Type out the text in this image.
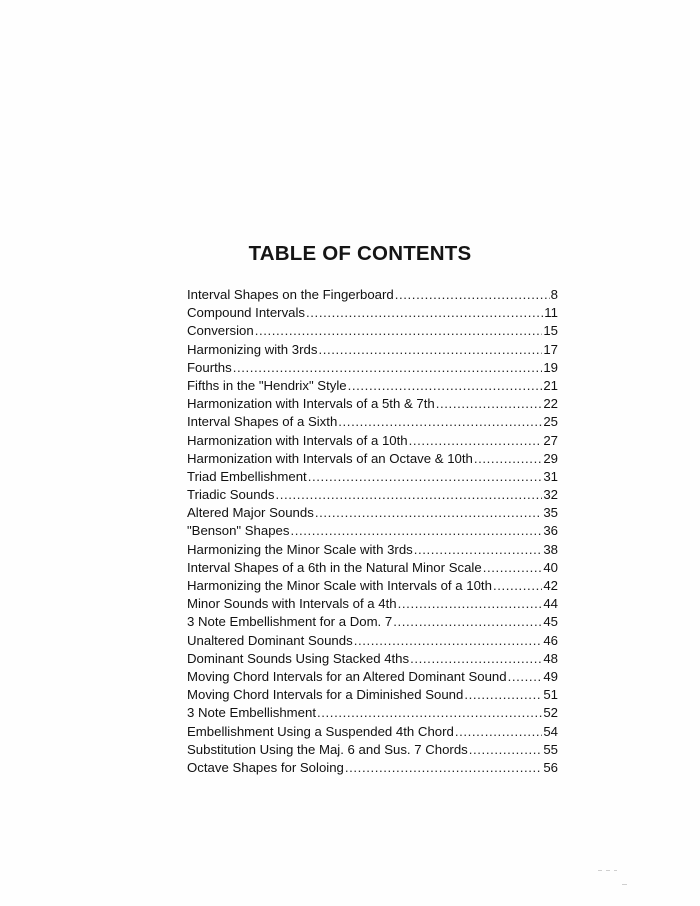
TABLE OF CONTENTS
Interval Shapes on the Fingerboard .....	8
Compound Intervals .....	11
Conversion .....	15
Harmonizing with 3rds .....	17
Fourths .....	19
Fifths in the "Hendrix" Style .....	21
Harmonization with Intervals of a 5th & 7th .....	22
Interval Shapes of a Sixth .....	25
Harmonization with Intervals of a 10th .....	27
Harmonization with Intervals of an Octave & 10th .....	29
Triad Embellishment .....	31
Triadic Sounds .....	32
Altered Major Sounds .....	35
"Benson" Shapes .....	36
Harmonizing the Minor Scale with 3rds .....	38
Interval Shapes of a 6th in the Natural Minor Scale .....	40
Harmonizing the Minor Scale with Intervals of a 10th .....	42
Minor Sounds with Intervals of a 4th .....	44
3 Note Embellishment for a Dom. 7 .....	45
Unaltered Dominant Sounds .....	46
Dominant Sounds Using Stacked 4ths .....	48
Moving Chord Intervals for an Altered Dominant Sound .....	49
Moving Chord Intervals for a Diminished Sound .....	51
3 Note Embellishment .....	52
Embellishment Using a Suspended 4th Chord .....	54
Substitution Using the Maj. 6 and Sus. 7 Chords .....	55
Octave Shapes for Soloing .....	56
